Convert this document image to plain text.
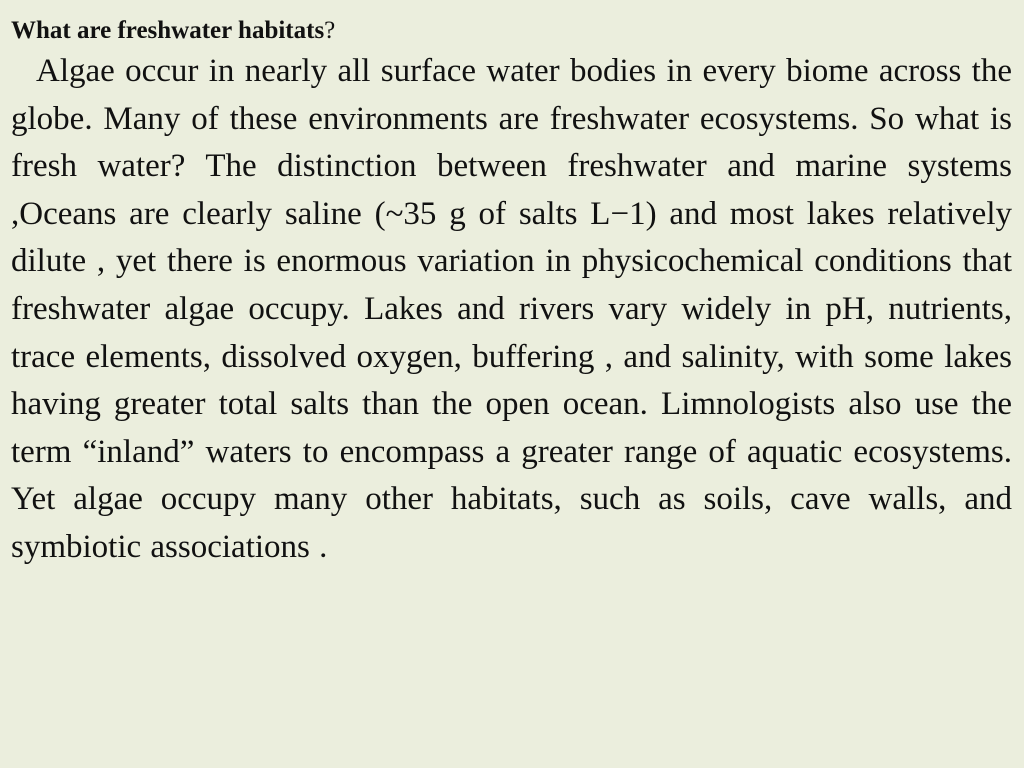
What are freshwater habitats?

Algae occur in nearly all surface water bodies in every biome across the globe. Many of these environments are freshwater ecosystems. So what is fresh water? The distinction between freshwater and marine systems ,Oceans are clearly saline (~35 g of salts L−1) and most lakes relatively dilute , yet there is enormous variation in physicochemical conditions that freshwater algae occupy. Lakes and rivers vary widely in pH, nutrients, trace elements, dissolved oxygen, buffering , and salinity, with some lakes having greater total salts than the open ocean. Limnologists also use the term “inland” waters to encompass a greater range of aquatic ecosystems. Yet algae occupy many other habitats, such as soils, cave walls, and symbiotic associations .
